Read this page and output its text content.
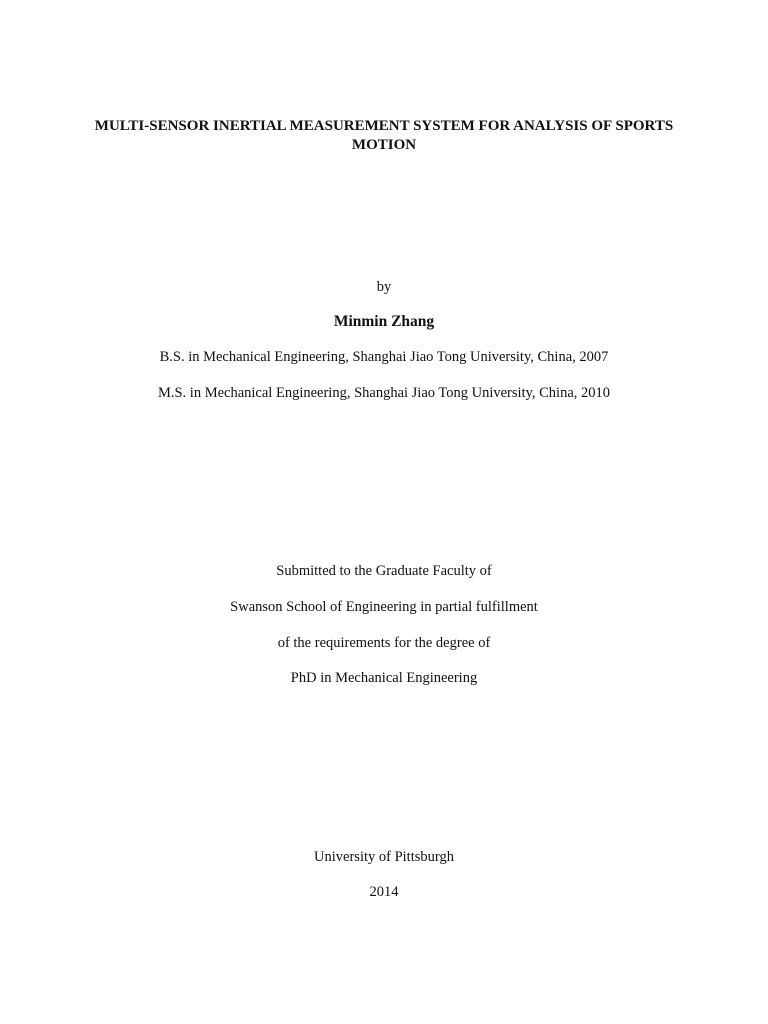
MULTI-SENSOR INERTIAL MEASUREMENT SYSTEM FOR ANALYSIS OF SPORTS
MOTION
by
Minmin Zhang
B.S. in Mechanical Engineering, Shanghai Jiao Tong University, China, 2007
M.S. in Mechanical Engineering, Shanghai Jiao Tong University, China, 2010
Submitted to the Graduate Faculty of
Swanson School of Engineering in partial fulfillment
of the requirements for the degree of
PhD in Mechanical Engineering
University of Pittsburgh
2014
